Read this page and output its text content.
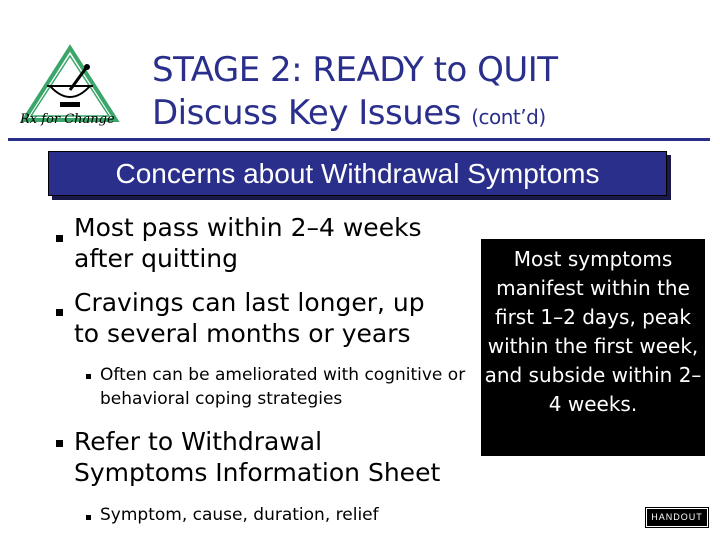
Rx for Change
STAGE 2: READY to QUIT
Discuss Key Issues (cont’d)
Concerns about Withdrawal Symptoms
Most pass within 2–4 weeks after quitting
Cravings can last longer, up to several months or years
Often can be ameliorated with cognitive or behavioral coping strategies
Refer to Withdrawal Symptoms Information Sheet
Symptom, cause, duration, relief
Most symptoms manifest within the first 1–2 days, peak within the first week, and subside within 2–4 weeks.
HANDOUT
